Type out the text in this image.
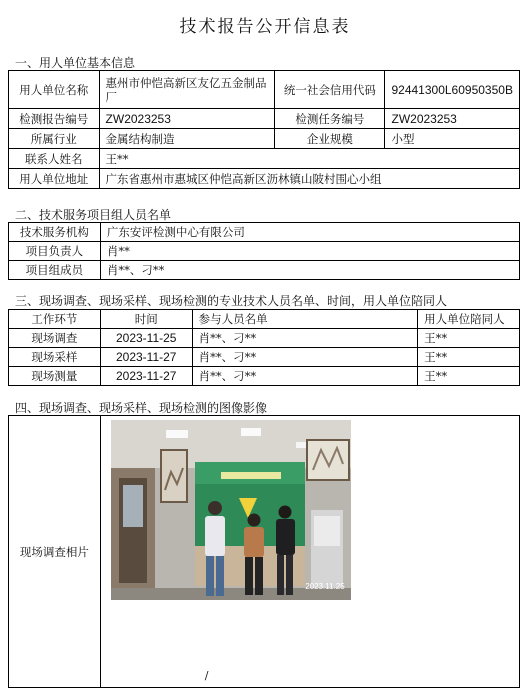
技术报告公开信息表
一、用人单位基本信息
用人单位名称	惠州市仲恺高新区友亿五金制品厂	统一社会信用代码	92441300L60950350B
检测报告编号	ZW2023253	检测任务编号	ZW2023253
所属行业	金属结构制造	企业规模	小型
联系人姓名	王**		
用人单位地址	广东省惠州市惠城区仲恺高新区沥林镇山陂村围心小组		
二、技术服务项目组人员名单
技术服务机构	广东安评检测中心有限公司
项目负责人	肖**
项目组成员	肖**、刁**
三、现场调查、现场采样、现场检测的专业技术人员名单、时间，用人单位陪同人
工作环节	时间	参与人员名单	用人单位陪同人
现场调查	2023-11-25	肖**、刁**	王**
现场采样	2023-11-27	肖**、刁**	王**
现场测量	2023-11-27	肖**、刁**	王**
四、现场调查、现场采样、现场检测的图像影像
现场调查相片	
2023.11.25
/
